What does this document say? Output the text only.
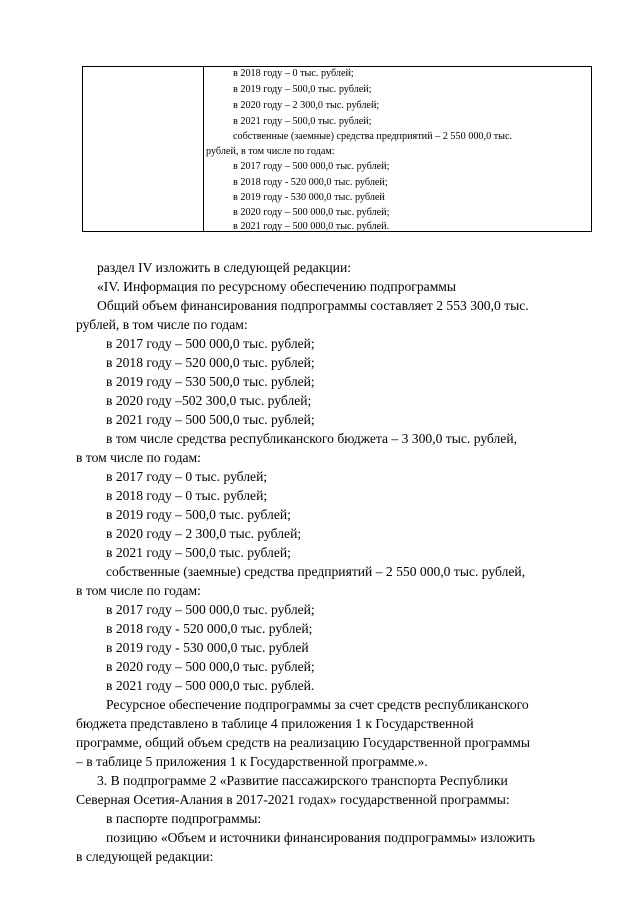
в 2018 году – 0 тыс. рублей;
в 2019 году – 500,0 тыс. рублей;
в 2020 году – 2 300,0 тыс. рублей;
в 2021 году – 500,0 тыс. рублей;
собственные (заемные) средства предприятий – 2 550 000,0 тыс.
рублей, в том числе по годам:
в 2017 году – 500 000,0 тыс. рублей;
в 2018 году - 520 000,0 тыс. рублей;
в 2019 году - 530 000,0 тыс. рублей
в 2020 году – 500 000,0 тыс. рублей;
в 2021 году – 500 000,0 тыс. рублей.
раздел IV изложить в следующей редакции:
«IV. Информация по ресурсному обеспечению подпрограммы
Общий объем финансирования подпрограммы составляет 2 553 300,0 тыс.
рублей, в том числе по годам:
в 2017 году – 500 000,0 тыс. рублей;
в 2018 году – 520 000,0 тыс. рублей;
в 2019 году – 530 500,0 тыс. рублей;
в 2020 году –502 300,0 тыс. рублей;
в 2021 году – 500 500,0 тыс. рублей;
в том числе средства республиканского бюджета – 3 300,0 тыс. рублей,
в том числе по годам:
в 2017 году – 0 тыс. рублей;
в 2018 году – 0 тыс. рублей;
в 2019 году – 500,0 тыс. рублей;
в 2020 году – 2 300,0 тыс. рублей;
в 2021 году – 500,0 тыс. рублей;
собственные (заемные) средства предприятий – 2 550 000,0 тыс. рублей,
в том числе по годам:
в 2017 году – 500 000,0 тыс. рублей;
в 2018 году - 520 000,0 тыс. рублей;
в 2019 году - 530 000,0 тыс. рублей
в 2020 году – 500 000,0 тыс. рублей;
в 2021 году – 500 000,0 тыс. рублей.
Ресурсное обеспечение подпрограммы за счет средств республиканского
бюджета представлено в таблице 4 приложения 1 к Государственной
программе, общий объем средств на реализацию Государственной программы
– в таблице 5 приложения 1 к Государственной программе.».
3. В подпрограмме 2 «Развитие пассажирского транспорта Республики
Северная Осетия-Алания в 2017-2021 годах» государственной программы:
в паспорте подпрограммы:
позицию «Объем и источники финансирования подпрограммы» изложить
в следующей редакции:
